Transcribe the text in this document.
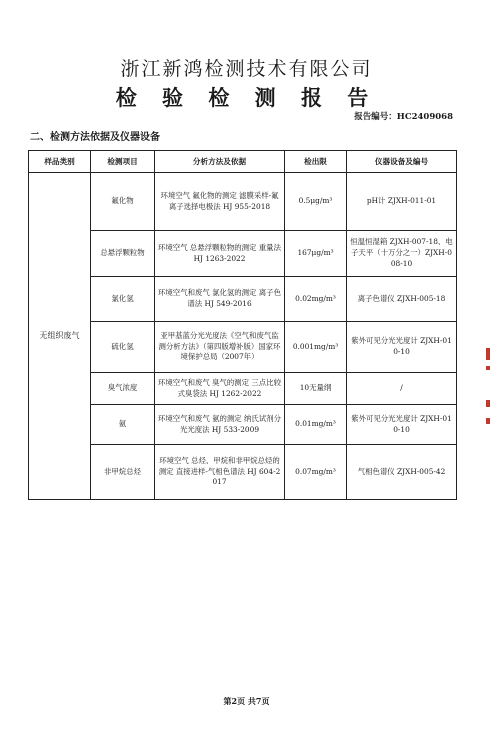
浙江新鸿检测技术有限公司
检 验 检 测 报 告
报告编号：HC2409068
二、检测方法依据及仪器设备
样品类别	检测项目	分析方法及依据	检出限	仪器设备及编号
无组织废气	氟化物	环境空气 氟化物的测定 滤膜采样-氟离子选择电极法 HJ 955-2018	0.5μg/m³	pH计 ZJXH-011-01
	总悬浮颗粒物	环境空气 总悬浮颗粒物的测定 重量法 HJ 1263-2022	167μg/m³	恒温恒湿箱 ZJXH-007-18、电子天平（十万分之一）ZJXH-008-10
	氯化氢	环境空气和废气 氯化氢的测定 离子色谱法 HJ 549-2016	0.02mg/m³	离子色谱仪 ZJXH-005-18
	硫化氢	亚甲基蓝分光光度法《空气和废气监测分析方法》（第四版增补版）国家环境保护总局（2007年）	0.001mg/m³	紫外可见分光光度计 ZJXH-010-10
	臭气浓度	环境空气和废气 臭气的测定 三点比较式臭袋法 HJ 1262-2022	10无量纲	/
	氨	环境空气和废气 氨的测定 纳氏试剂分光光度法 HJ 533-2009	0.01mg/m³	紫外可见分光光度计 ZJXH-010-10
	非甲烷总烃	环境空气 总烃、甲烷和非甲烷总烃的测定 直接进样-气相色谱法 HJ 604-2017	0.07mg/m³	气相色谱仪 ZJXH-005-42
第2页 共7页
